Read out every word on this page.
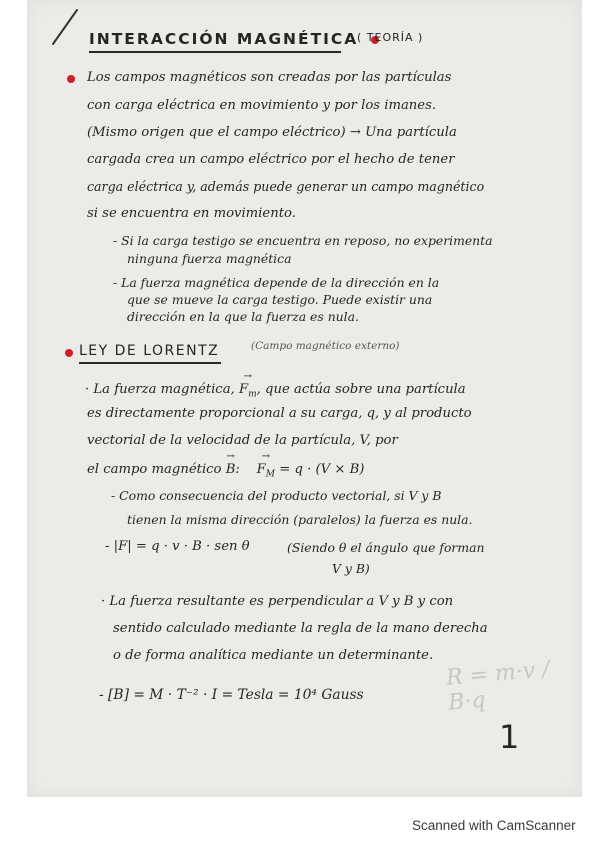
INTERACCIÓN MAGNÉTICA
( TEORÍA )
Los campos magnéticos son creadas por las partículas
con carga eléctrica en movimiento y por los imanes.
(Mismo origen que el campo eléctrico) → Una partícula
cargada crea un campo eléctrico por el hecho de tener
carga eléctrica y, además puede generar un campo magnético
si se encuentra en movimiento.
- Si la carga testigo se encuentra en reposo, no experimenta
ninguna fuerza magnética
- La fuerza magnética depende de la dirección en la
que se mueve la carga testigo. Puede existir una
dirección en la que la fuerza es nula.
LEY DE LORENTZ	(Campo magnético externo)
· La fuerza magnética, → $F_m$, que actúa sobre una partícula
es directamente proporcional a su carga, q, y al producto
vectorial de la velocidad de la partícula, V, por
el campo magnético → B: → $F_M = q \cdot (V \times B)$
- Como consecuencia del producto vectorial, si V y B
tienen la misma dirección (paralelos) la fuerza es nula.
- |F| = q · v · B · sen θ	(Siendo θ el ángulo que forman
V y B)
· La fuerza resultante es perpendicular a V y B y con
sentido calculado mediante la regla de la mano derecha
o de forma analítica mediante un determinante.
- [B] = M · T⁻² · I = Tesla = 10⁴ Gauss
R = m·v / B·q
1
Scanned with CamScanner
